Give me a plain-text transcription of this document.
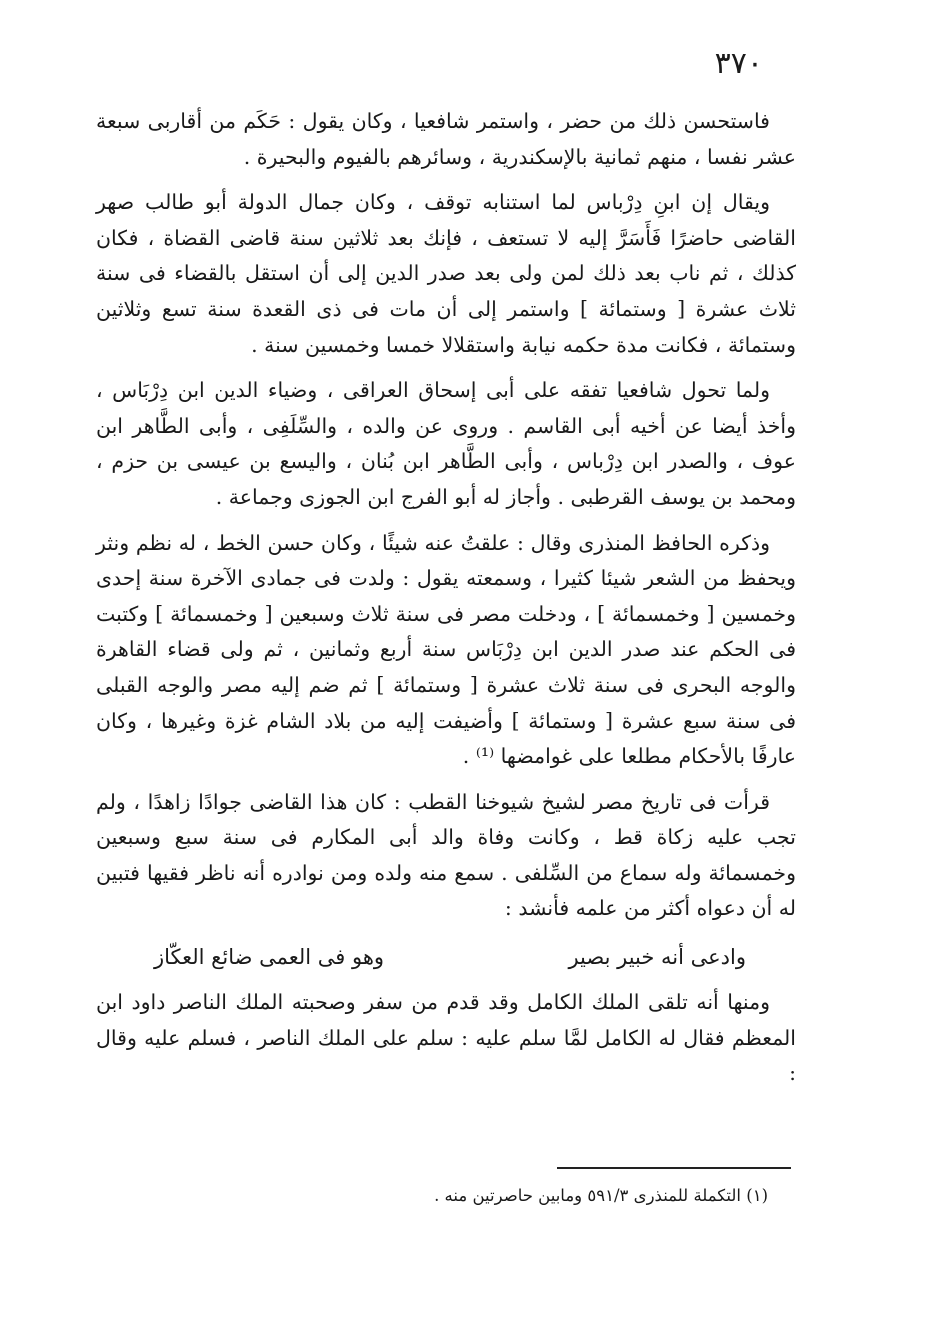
٣٧٠

فاستحسن ذلك من حضر ، واستمر شافعيا ، وكان يقول : حَكَم من أقاربى سبعة عشر نفسا ، منهم ثمانية بالإسكندرية ، وسائرهم بالفيوم والبحيرة .

ويقال إن ابنِ دِرْباس لما استنابه توقف ، وكان جمال الدولة أبو طالب صهر القاضى حاضرًا فَأَسَرَّ إليه لا تستعف ، فإنك بعد ثلاثين سنة قاضى القضاة ، فكان كذلك ، ثم ناب بعد ذلك لمن ولى بعد صدر الدين إلى أن استقل بالقضاء فى سنة ثلاث عشرة [ وستمائة ] واستمر إلى أن مات فى ذى القعدة سنة تسع وثلاثين وستمائة ، فكانت مدة حكمه نيابة واستقلالا خمسا وخمسين سنة .

ولما تحول شافعيا تفقه على أبى إسحاق العراقى ، وضياء الدين ابن دِرْبَاس ، وأخذ أيضا عن أخيه أبى القاسم . وروى عن والده ، والسِّلَفِى ، وأبى الطَّاهر ابن عوف ، والصدر ابن دِرْباس ، وأبى الطَّاهر ابن بُنان ، واليسع بن عيسى بن حزم ، ومحمد بن يوسف القرطبى . وأجاز له أبو الفرج ابن الجوزى وجماعة .

وذكره الحافظ المنذرى وقال : علقتُ عنه شيئًا ، وكان حسن الخط ، له نظم ونثر ويحفظ من الشعر شيئا كثيرا ، وسمعته يقول : ولدت فى جمادى الآخرة سنة إحدى وخمسين [ وخمسمائة ] ، ودخلت مصر فى سنة ثلاث وسبعين [ وخمسمائة ] وكتبت فى الحكم عند صدر الدين ابن دِرْبَاس سنة أربع وثمانين ، ثم ولى قضاء القاهرة والوجه البحرى فى سنة ثلاث عشرة [ وستمائة ] ثم ضم إليه مصر والوجه القبلى فى سنة سبع عشرة [ وستمائة ] وأضيفت إليه من بلاد الشام غزة وغيرها ، وكان عارفًا بالأحكام مطلعا على غوامضها ⁽¹⁾ .

قرأت فى تاريخ مصر لشيخ شيوخنا القطب : كان هذا القاضى جوادًا زاهدًا ، ولم تجب عليه زكاة قط ، وكانت وفاة والد أبى المكارم فى سنة سبع وسبعين وخمسمائة وله سماع من السِّلفى . سمع منه ولده ومن نوادره أنه ناظر فقيها فتبين له أن دعواه أكثر من علمه فأنشد :

وادعى أنه خبير بصير
وهو فى العمى ضائع العكّاز

ومنها أنه تلقى الملك الكامل وقد قدم من سفر وصحبته الملك الناصر داود ابن المعظم فقال له الكامل لمَّا سلم عليه : سلم على الملك الناصر ، فسلم عليه وقال :

(١) التكملة للمنذرى ٥٩١/٣ ومابين حاصرتين منه .
